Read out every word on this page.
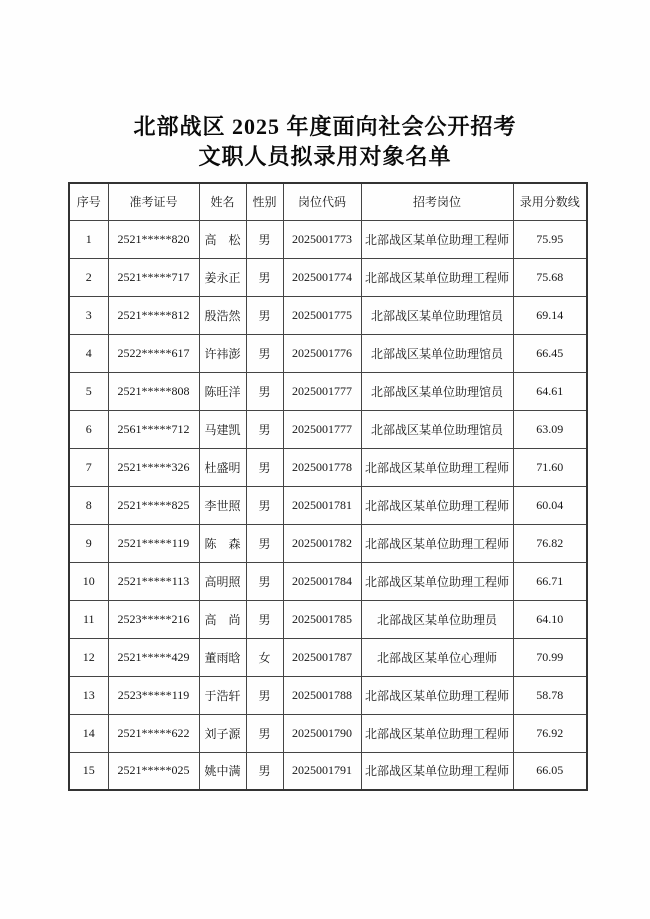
北部战区 2025 年度面向社会公开招考
文职人员拟录用对象名单
序号	准考证号	姓名	性别	岗位代码	招考岗位	录用分数线
1	2521*****820	高　松	男	2025001773	北部战区某单位助理工程师	75.95
2	2521*****717	姜永正	男	2025001774	北部战区某单位助理工程师	75.68
3	2521*****812	殷浩然	男	2025001775	北部战区某单位助理馆员	69.14
4	2522*****617	许祎澎	男	2025001776	北部战区某单位助理馆员	66.45
5	2521*****808	陈旺洋	男	2025001777	北部战区某单位助理馆员	64.61
6	2561*****712	马建凯	男	2025001777	北部战区某单位助理馆员	63.09
7	2521*****326	杜盛明	男	2025001778	北部战区某单位助理工程师	71.60
8	2521*****825	李世照	男	2025001781	北部战区某单位助理工程师	60.04
9	2521*****119	陈　森	男	2025001782	北部战区某单位助理工程师	76.82
10	2521*****113	高明照	男	2025001784	北部战区某单位助理工程师	66.71
11	2523*****216	高　尚	男	2025001785	北部战区某单位助理员	64.10
12	2521*****429	董雨晗	女	2025001787	北部战区某单位心理师	70.99
13	2523*****119	于浩轩	男	2025001788	北部战区某单位助理工程师	58.78
14	2521*****622	刘子源	男	2025001790	北部战区某单位助理工程师	76.92
15	2521*****025	姚中满	男	2025001791	北部战区某单位助理工程师	66.05
